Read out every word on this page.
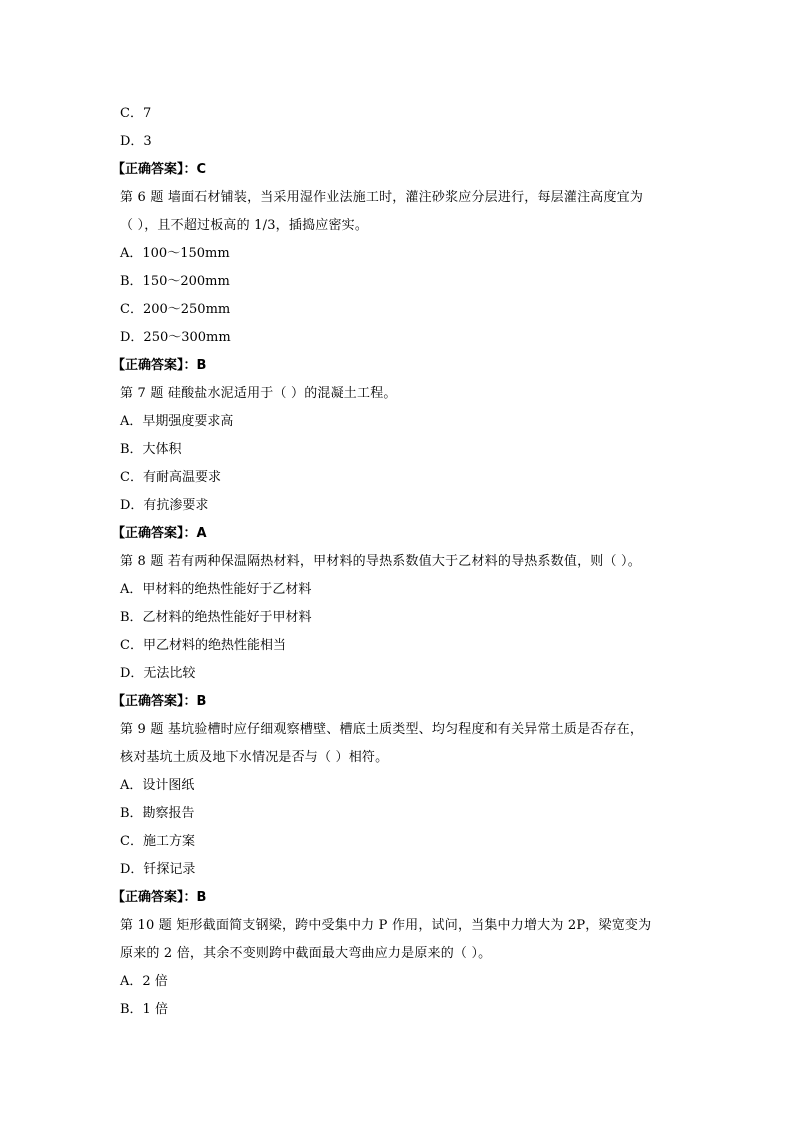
C．7
D．3
【正确答案】：C
第 6 题 墙面石材铺装，当采用湿作业法施工时，灌注砂浆应分层进行，每层灌注高度宜为
（ ），且不超过板高的 1/3，插捣应密实。
A．100～150mm
B．150～200mm
C．200～250mm
D．250～300mm
【正确答案】：B
第 7 题 硅酸盐水泥适用于（ ）的混凝土工程。
A．早期强度要求高
B．大体积
C．有耐高温要求
D．有抗渗要求
【正确答案】：A
第 8 题 若有两种保温隔热材料，甲材料的导热系数值大于乙材料的导热系数值，则（ ）。
A．甲材料的绝热性能好于乙材料
B．乙材料的绝热性能好于甲材料
C．甲乙材料的绝热性能相当
D．无法比较
【正确答案】：B
第 9 题 基坑验槽时应仔细观察槽壁、槽底土质类型、均匀程度和有关异常土质是否存在，
核对基坑土质及地下水情况是否与（ ）相符。
A．设计图纸
B．勘察报告
C．施工方案
D．钎探记录
【正确答案】：B
第 10 题 矩形截面简支钢梁，跨中受集中力 P 作用，试问，当集中力增大为 2P，梁宽变为
原来的 2 倍，其余不变则跨中截面最大弯曲应力是原来的（ ）。
A．2 倍
B．1 倍
